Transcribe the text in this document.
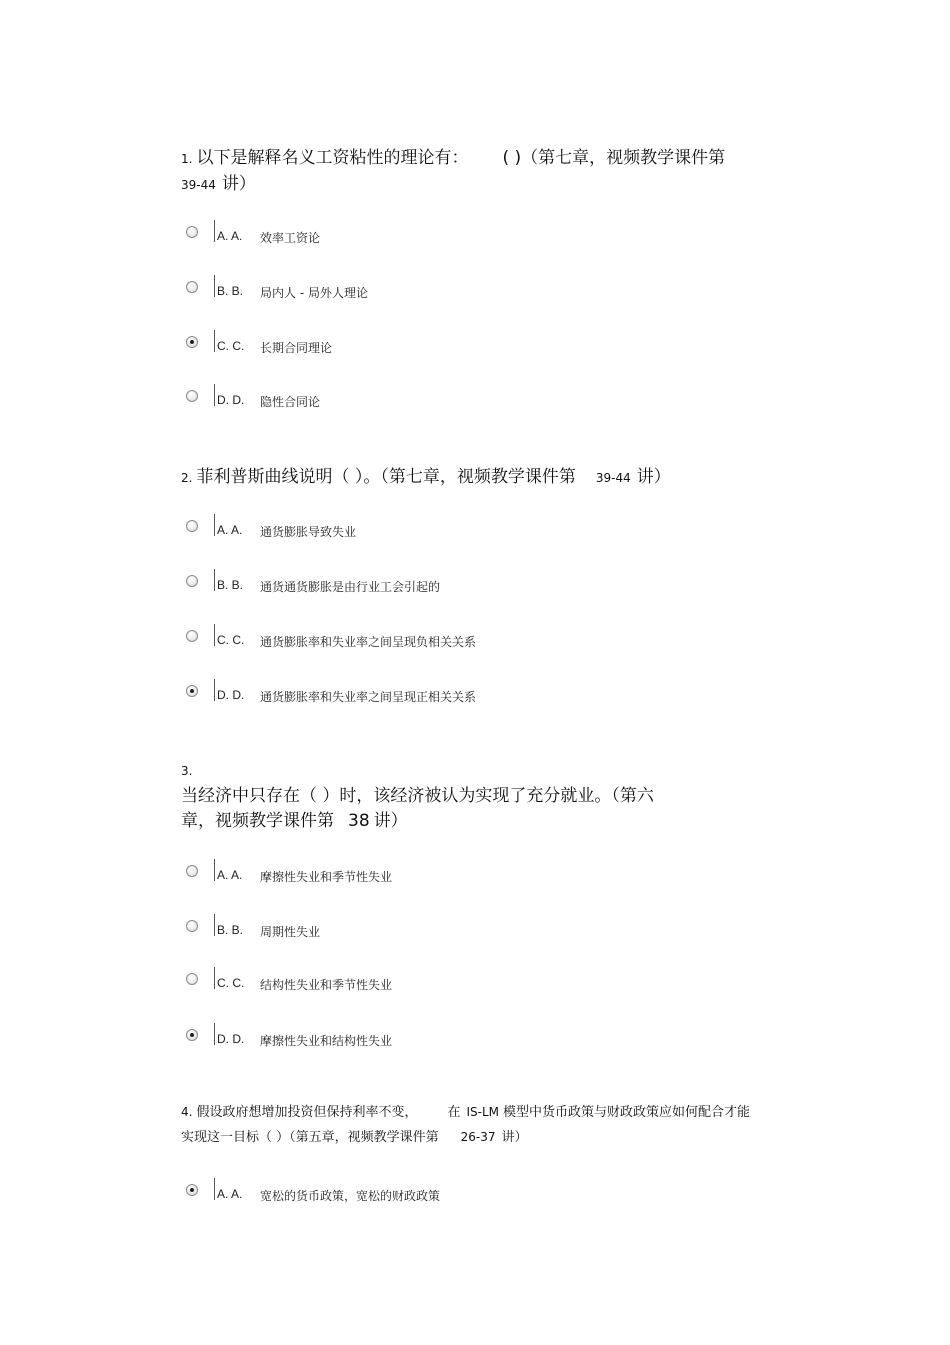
1. 以下是解释名义工资粘性的理论有： ( )（第七章，视频教学课件第
39-44 讲）
A. A. 效率工资论
B. B. 局内人 - 局外人理论
C. C. 长期合同理论
D. D. 隐性合同论
2. 菲利普斯曲线说明（ ）。（第七章，视频教学课件第 39-44 讲）
A. A. 通货膨胀导致失业
B. B. 通货通货膨胀是由行业工会引起的
C. C. 通货膨胀率和失业率之间呈现负相关关系
D. D. 通货膨胀率和失业率之间呈现正相关关系
3.
当经济中只存在（ ）时，该经济被认为实现了充分就业。（第六
章，视频教学课件第 38 讲）
A. A. 摩擦性失业和季节性失业
B. B. 周期性失业
C. C. 结构性失业和季节性失业
D. D. 摩擦性失业和结构性失业
4. 假设政府想增加投资但保持利率不变， 在 IS-LM 模型中货币政策与财政政策应如何配合才能
实现这一目标（ ）（第五章，视频教学课件第 26-37 讲）
A. A. 宽松的货币政策，宽松的财政政策
